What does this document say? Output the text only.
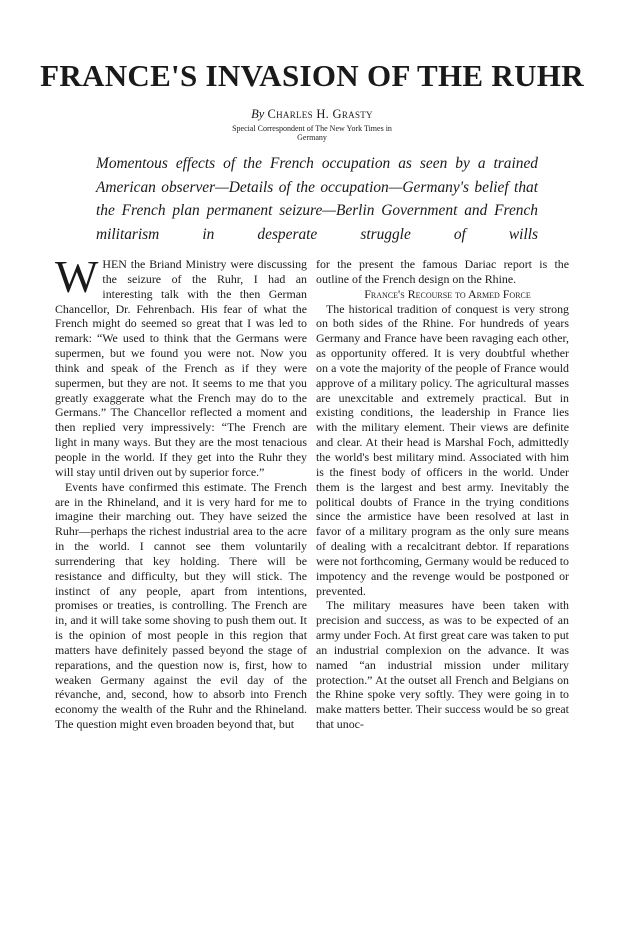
FRANCE'S INVASION OF THE RUHR
By Charles H. Grasty
Special Correspondent of The New York Times in
Germany

Momentous effects of the French occupation as seen by a trained American observer—Details of the occupation—Germany's belief that the French plan permanent seizure—Berlin Government and French militarism in desperate struggle of wills

WHEN the Briand Ministry were discussing the seizure of the Ruhr, I had an interesting talk with the then German Chancellor, Dr. Fehrenbach. His fear of what the French might do seemed so great that I was led to remark: “We used to think that the Germans were supermen, but we found you were not. Now you think and speak of the French as if they were supermen, but they are not. It seems to me that you greatly exaggerate what the French may do to the Germans.” The Chancellor reflected a moment and then replied very impressively: “The French are light in many ways. But they are the most tenacious people in the world. If they get into the Ruhr they will stay until driven out by superior force.”

Events have confirmed this estimate. The French are in the Rhineland, and it is very hard for me to imagine their marching out. They have seized the Ruhr—perhaps the richest industrial area to the acre in the world. I cannot see them voluntarily surrendering that key holding. There will be resistance and difficulty, but they will stick. The instinct of any people, apart from intentions, promises or treaties, is controlling. The French are in, and it will take some shoving to push them out. It is the opinion of most people in this region that matters have definitely passed beyond the stage of reparations, and the question now is, first, how to weaken Germany against the evil day of the révanche, and, second, how to absorb into French economy the wealth of the Ruhr and the Rhineland. The question might even broaden beyond that, but

for the present the famous Dariac report is the outline of the French design on the Rhine.

France's Recourse to Armed Force

The historical tradition of conquest is very strong on both sides of the Rhine. For hundreds of years Germany and France have been ravaging each other, as opportunity offered. It is very doubtful whether on a vote the majority of the people of France would approve of a military policy. The agricultural masses are unexcitable and extremely practical. But in existing conditions, the leadership in France lies with the military element. Their views are definite and clear. At their head is Marshal Foch, admittedly the world's best military mind. Associated with him is the finest body of officers in the world. Under them is the largest and best army. Inevitably the political doubts of France in the trying conditions since the armistice have been resolved at last in favor of a military program as the only sure means of dealing with a recalcitrant debtor. If reparations were not forthcoming, Germany would be reduced to impotency and the revenge would be postponed or prevented.

The military measures have been taken with precision and success, as was to be expected of an army under Foch. At first great care was taken to put an industrial complexion on the advance. It was named “an industrial mission under military protection.” At the outset all French and Belgians on the Rhine spoke very softly. They were going in to make matters better. Their success would be so great that unoc-
